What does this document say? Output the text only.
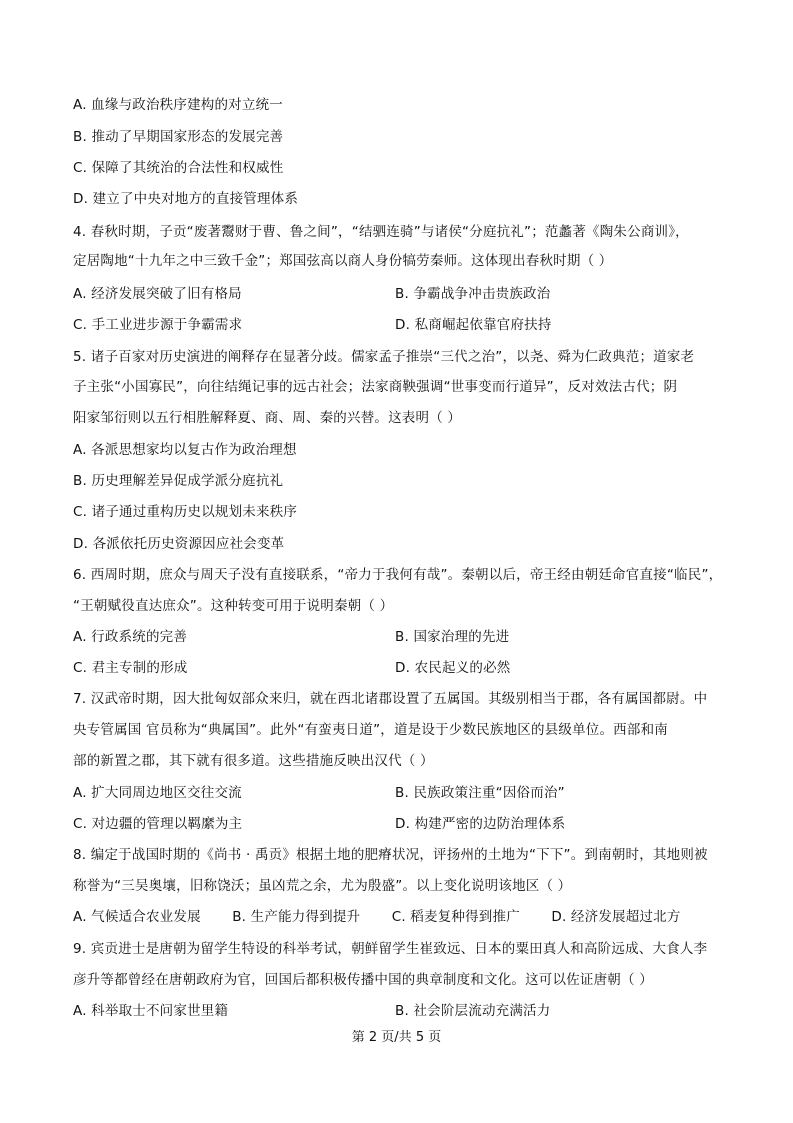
A. 血缘与政治秩序建构的对立统一
B. 推动了早期国家形态的发展完善
C. 保障了其统治的合法性和权威性
D. 建立了中央对地方的直接管理体系
4. 春秋时期，子贡“废著鬻财于曹、鲁之间”，“结驷连骑”与诸侯“分庭抗礼”；范蠡著《陶朱公商训》，
定居陶地“十九年之中三致千金”；郑国弦高以商人身份犒劳秦师。这体现出春秋时期（ ）
A. 经济发展突破了旧有格局	B. 争霸战争冲击贵族政治
C. 手工业进步源于争霸需求	D. 私商崛起依靠官府扶持
5. 诸子百家对历史演进的阐释存在显著分歧。儒家孟子推崇“三代之治”，以尧、舜为仁政典范；道家老
子主张“小国寡民”，向往结绳记事的远古社会；法家商鞅强调“世事变而行道异”，反对效法古代；阴
阳家邹衍则以五行相胜解释夏、商、周、秦的兴替。这表明（ ）
A. 各派思想家均以复古作为政治理想
B. 历史理解差异促成学派分庭抗礼
C. 诸子通过重构历史以规划未来秩序
D. 各派依托历史资源因应社会变革
6. 西周时期，庶众与周天子没有直接联系，“帝力于我何有哉”。秦朝以后，帝王经由朝廷命官直接“临民”，
“王朝赋役直达庶众”。这种转变可用于说明秦朝（ ）
A. 行政系统的完善	B. 国家治理的先进
C. 君主专制的形成	D. 农民起义的必然
7. 汉武帝时期，因大批匈奴部众来归，就在西北诸郡设置了五属国。其级别相当于郡，各有属国都尉。中
央专管属国 官员称为“典属国”。此外“有蛮夷日道”，道是设于少数民族地区的县级单位。西部和南
部的新置之郡，其下就有很多道。这些措施反映出汉代（ ）
A. 扩大同周边地区交往交流	B. 民族政策注重“因俗而治”
C. 对边疆的管理以羁縻为主	D. 构建严密的边防治理体系
8. 编定于战国时期的《尚书 · 禹贡》根据土地的肥瘠状况，评扬州的土地为“下下”。到南朝时，其地则被
称誉为“三吴奥壤，旧称饶沃；虽凶荒之余，尤为殷盛”。以上变化说明该地区（ ）
A. 气候适合农业发展       B. 生产能力得到提升       C. 稻麦复种得到推广       D. 经济发展超过北方
9. 宾贡进士是唐朝为留学生特设的科举考试，朝鲜留学生崔致远、日本的粟田真人和高阶远成、大食人李
彦升等都曾经在唐朝政府为官，回国后都积极传播中国的典章制度和文化。这可以佐证唐朝（ ）
A. 科举取士不问家世里籍	B. 社会阶层流动充满活力
第 2 页/共 5 页
